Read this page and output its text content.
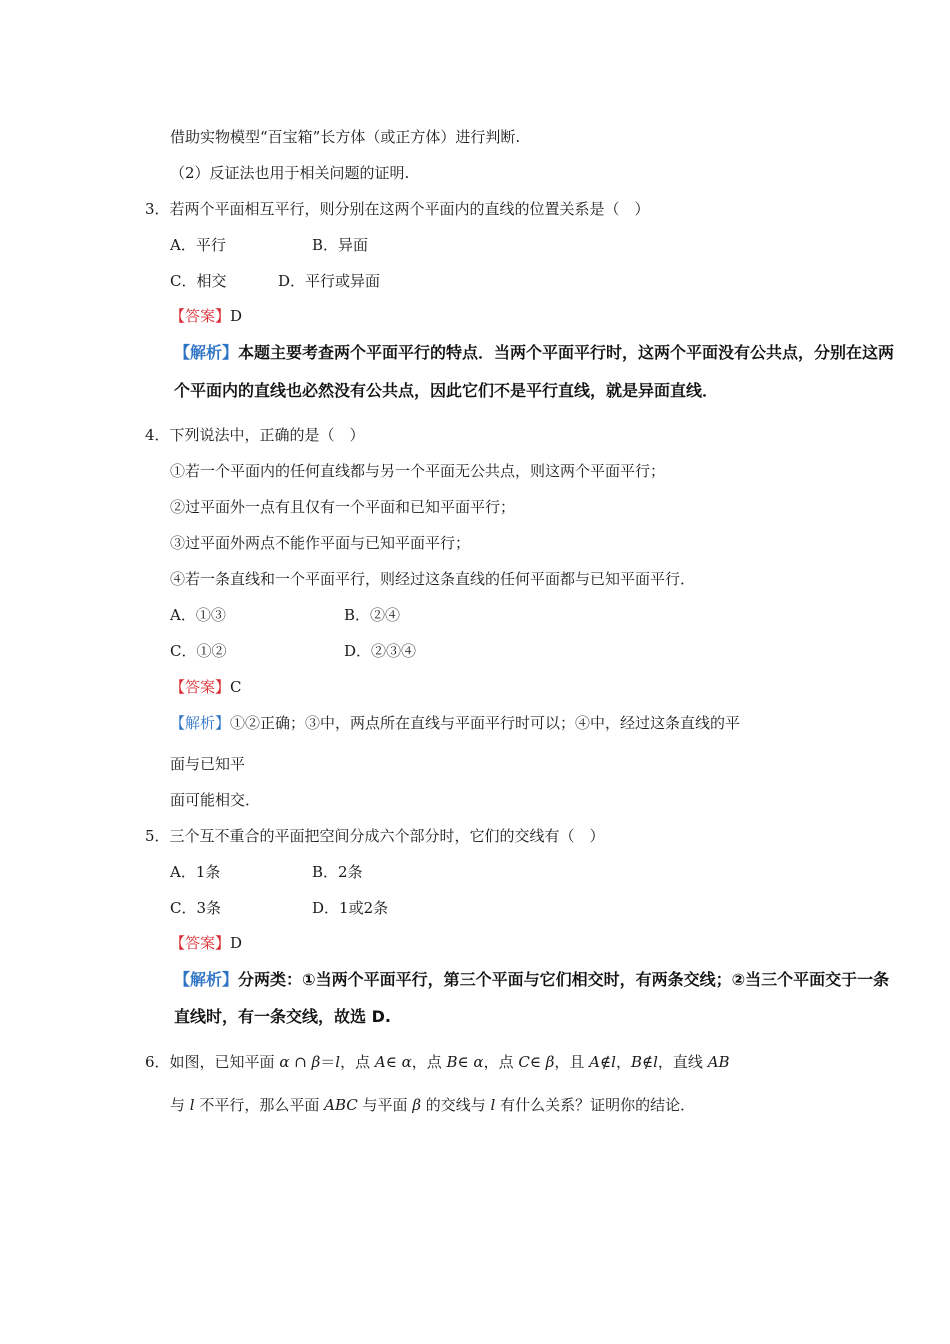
借助实物模型“百宝箱”长方体（或正方体）进行判断.
（2）反证法也用于相关问题的证明.
3．若两个平面相互平行，则分别在这两个平面内的直线的位置关系是（　）
A．平行	B．异面
C．相交	D．平行或异面
【答案】D
【解析】本题主要考查两个平面平行的特点．当两个平面平行时，这两个平面没有公共点，分别在这两
个平面内的直线也必然没有公共点，因此它们不是平行直线，就是异面直线．
4．下列说法中，正确的是（　）
①若一个平面内的任何直线都与另一个平面无公共点，则这两个平面平行；
②过平面外一点有且仅有一个平面和已知平面平行；
③过平面外两点不能作平面与已知平面平行；
④若一条直线和一个平面平行，则经过这条直线的任何平面都与已知平面平行．
A．①③	B．②④
C．①②	D．②③④
【答案】C
【解析】①②正确；③中，两点所在直线与平面平行时可以；④中，经过这条直线的平
面与已知平
面可能相交．
5．三个互不重合的平面把空间分成六个部分时，它们的交线有（　）
A．1条	B．2条
C．3条	D．1或2条
【答案】D
【解析】分两类：①当两个平面平行，第三个平面与它们相交时，有两条交线；②当三个平面交于一条
直线时，有一条交线，故选 D.
6．如图，已知平面 α ∩ β＝l，点 A∈ α，点 B∈ α，点 C∈ β，且 A∉l，B∉l，直线 AB
与 l 不平行，那么平面 ABC 与平面 β 的交线与 l 有什么关系？证明你的结论．
